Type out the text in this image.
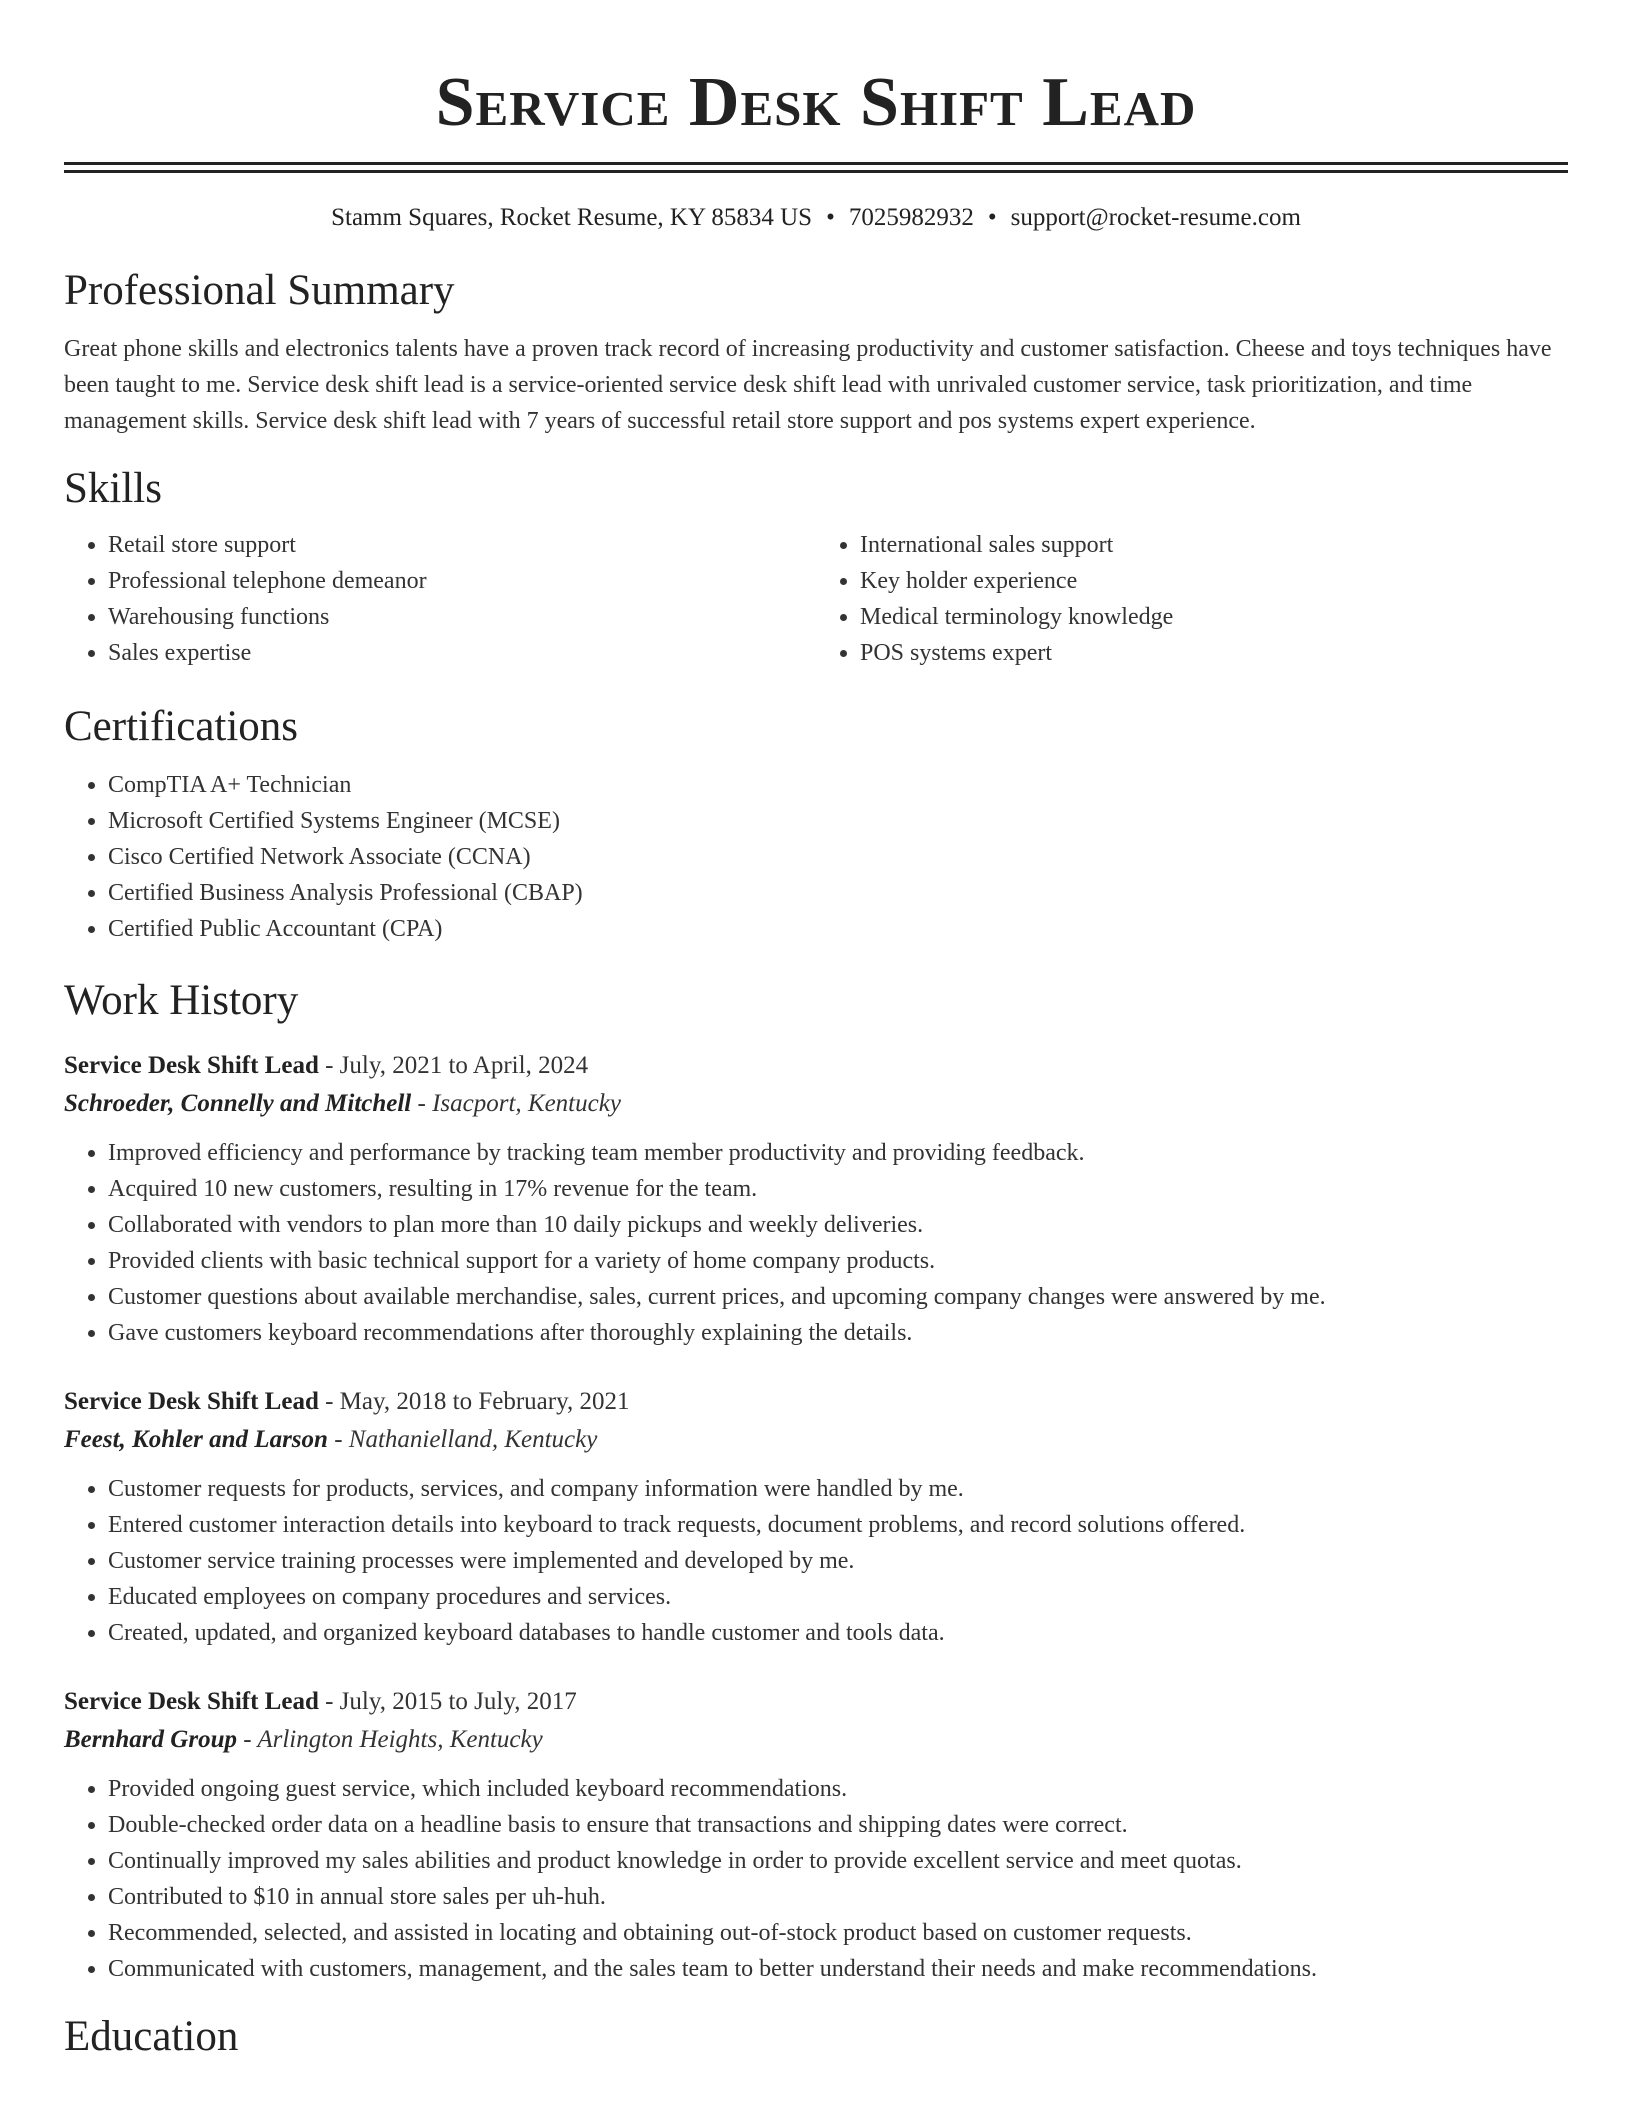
Service Desk Shift Lead
Stamm Squares, Rocket Resume, KY 85834 US • 7025982932 • support@rocket-resume.com
Professional Summary

Great phone skills and electronics talents have a proven track record of increasing productivity and customer satisfaction. Cheese and toys techniques have been taught to me. Service desk shift lead is a service-oriented service desk shift lead with unrivaled customer service, task prioritization, and time management skills. Service desk shift lead with 7 years of successful retail store support and pos systems expert experience.

Skills
• Retail store support
• Professional telephone demeanor
• Warehousing functions
• Sales expertise
• International sales support
• Key holder experience
• Medical terminology knowledge
• POS systems expert
Certifications
• CompTIA A+ Technician
• Microsoft Certified Systems Engineer (MCSE)
• Cisco Certified Network Associate (CCNA)
• Certified Business Analysis Professional (CBAP)
• Certified Public Accountant (CPA)
Work History
Service Desk Shift Lead - July, 2021 to April, 2024
Schroeder, Connelly and Mitchell - Isacport, Kentucky
• Improved efficiency and performance by tracking team member productivity and providing feedback.
• Acquired 10 new customers, resulting in 17% revenue for the team.
• Collaborated with vendors to plan more than 10 daily pickups and weekly deliveries.
• Provided clients with basic technical support for a variety of home company products.
• Customer questions about available merchandise, sales, current prices, and upcoming company changes were answered by me.
• Gave customers keyboard recommendations after thoroughly explaining the details.
Service Desk Shift Lead - May, 2018 to February, 2021
Feest, Kohler and Larson - Nathanielland, Kentucky
• Customer requests for products, services, and company information were handled by me.
• Entered customer interaction details into keyboard to track requests, document problems, and record solutions offered.
• Customer service training processes were implemented and developed by me.
• Educated employees on company procedures and services.
• Created, updated, and organized keyboard databases to handle customer and tools data.
Service Desk Shift Lead - July, 2015 to July, 2017
Bernhard Group - Arlington Heights, Kentucky
• Provided ongoing guest service, which included keyboard recommendations.
• Double-checked order data on a headline basis to ensure that transactions and shipping dates were correct.
• Continually improved my sales abilities and product knowledge in order to provide excellent service and meet quotas.
• Contributed to $10 in annual store sales per uh-huh.
• Recommended, selected, and assisted in locating and obtaining out-of-stock product based on customer requests.
• Communicated with customers, management, and the sales team to better understand their needs and make recommendations.
Education
